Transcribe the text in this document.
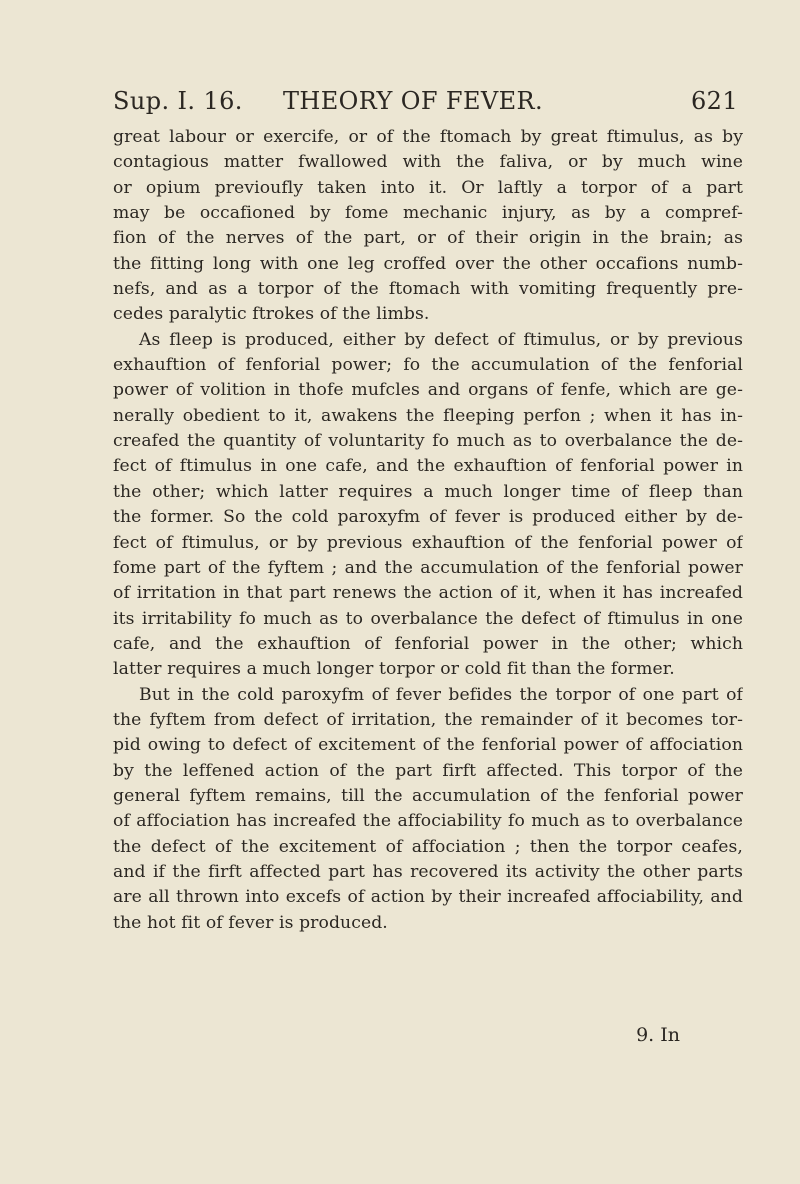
Sup. I. 16. THEORY OF FEVER.	621
great labour or exercife, or of the ftomach by great ftimulus, as by
contagious matter fwallowed with the faliva, or by much wine
or opium previoufly taken into it. Or laftly a torpor of a part
may be occafioned by fome mechanic injury, as by a compref-
fion of the nerves of the part, or of their origin in the brain; as
the fitting long with one leg croffed over the other occafions numb-
nefs, and as a torpor of the ftomach with vomiting frequently pre-
cedes paralytic ftrokes of the limbs.
As fleep is produced, either by defect of ftimulus, or by previous
exhauftion of fenforial power; fo the accumulation of the fenforial
power of volition in thofe mufcles and organs of fenfe, which are ge-
nerally obedient to it, awakens the fleeping perfon ; when it has in-
creafed the quantity of voluntarity fo much as to overbalance the de-
fect of ftimulus in one cafe, and the exhauftion of fenforial power in
the other; which latter requires a much longer time of fleep than
the former. So the cold paroxyfm of fever is produced either by de-
fect of ftimulus, or by previous exhauftion of the fenforial power of
fome part of the fyftem ; and the accumulation of the fenforial power
of irritation in that part renews the action of it, when it has increafed
its irritability fo much as to overbalance the defect of ftimulus in one
cafe, and the exhauftion of fenforial power in the other; which
latter requires a much longer torpor or cold fit than the former.
But in the cold paroxyfm of fever befides the torpor of one part of
the fyftem from defect of irritation, the remainder of it becomes tor-
pid owing to defect of excitement of the fenforial power of affociation
by the leffened action of the part firft affected. This torpor of the
general fyftem remains, till the accumulation of the fenforial power
of affociation has increafed the affociability fo much as to overbalance
the defect of the excitement of affociation ; then the torpor ceafes,
and if the firft affected part has recovered its activity the other parts
are all thrown into excefs of action by their increafed affociability, and
the hot fit of fever is produced.
9. In
